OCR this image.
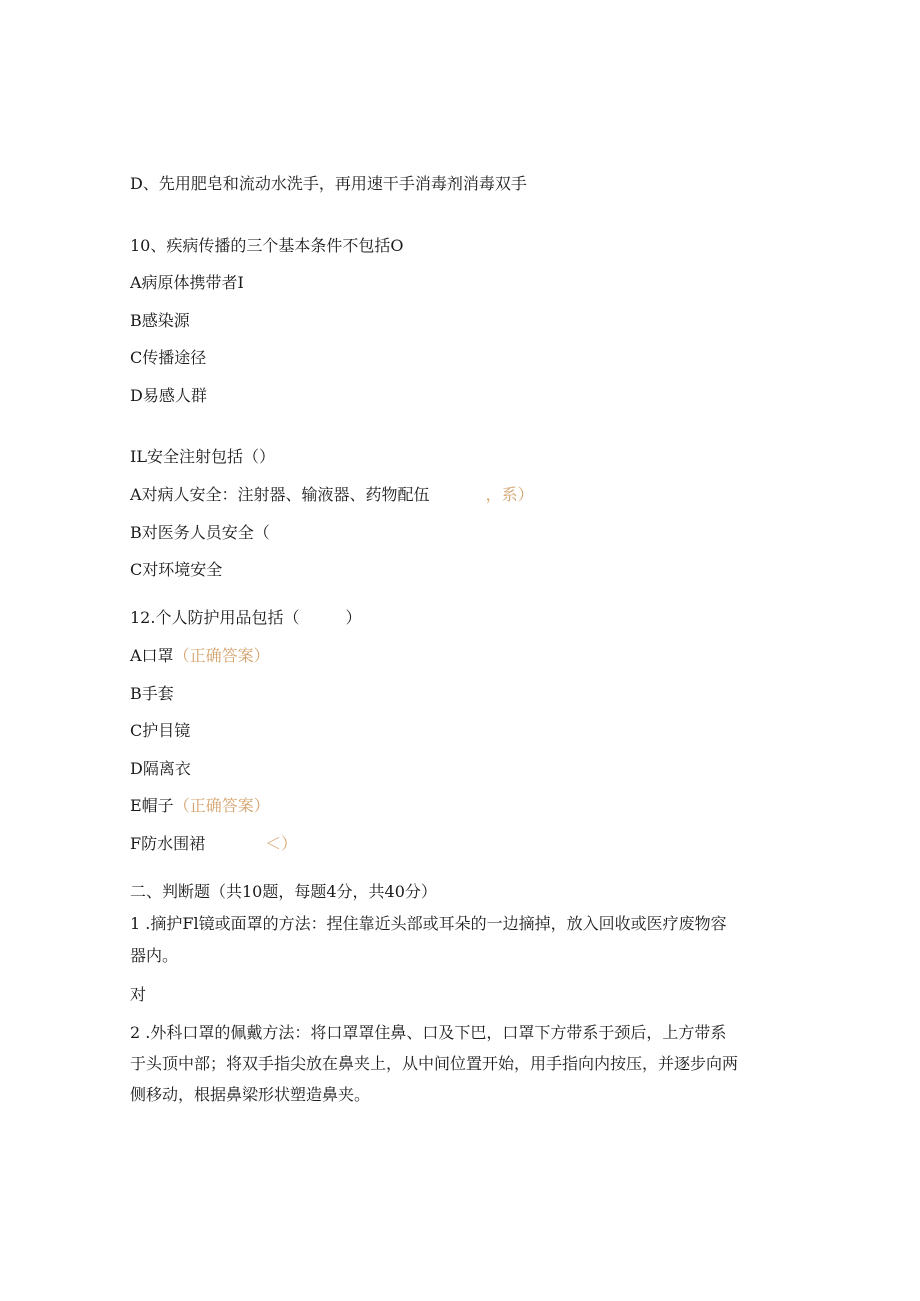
D、先用肥皂和流动水洗手，再用速干手消毒剂消毒双手
10、疾病传播的三个基本条件不包括O
A病原体携带者I
B感染源
C传播途径
D易感人群
IL安全注射包括（）
A对病人安全：注射器、输液器、药物配伍	，系）
B对医务人员安全（
C对环境安全
12.个人防护用品包括（	）
A口罩（正确答案）
B手套
C护目镜
D隔离衣
E帽子（正确答案）
F防水围裙	＜）
二、判断题（共10题，每题4分，共40分）
1 .摘护Fl镜或面罩的方法：捏住靠近头部或耳朵的一边摘掉，放入回收或医疗废物容
器内。
对
2 .外科口罩的佩戴方法：将口罩罩住鼻、口及下巴，口罩下方带系于颈后，上方带系
于头顶中部；将双手指尖放在鼻夹上，从中间位置开始，用手指向内按压，并逐步向两
侧移动，根据鼻梁形状塑造鼻夹。
